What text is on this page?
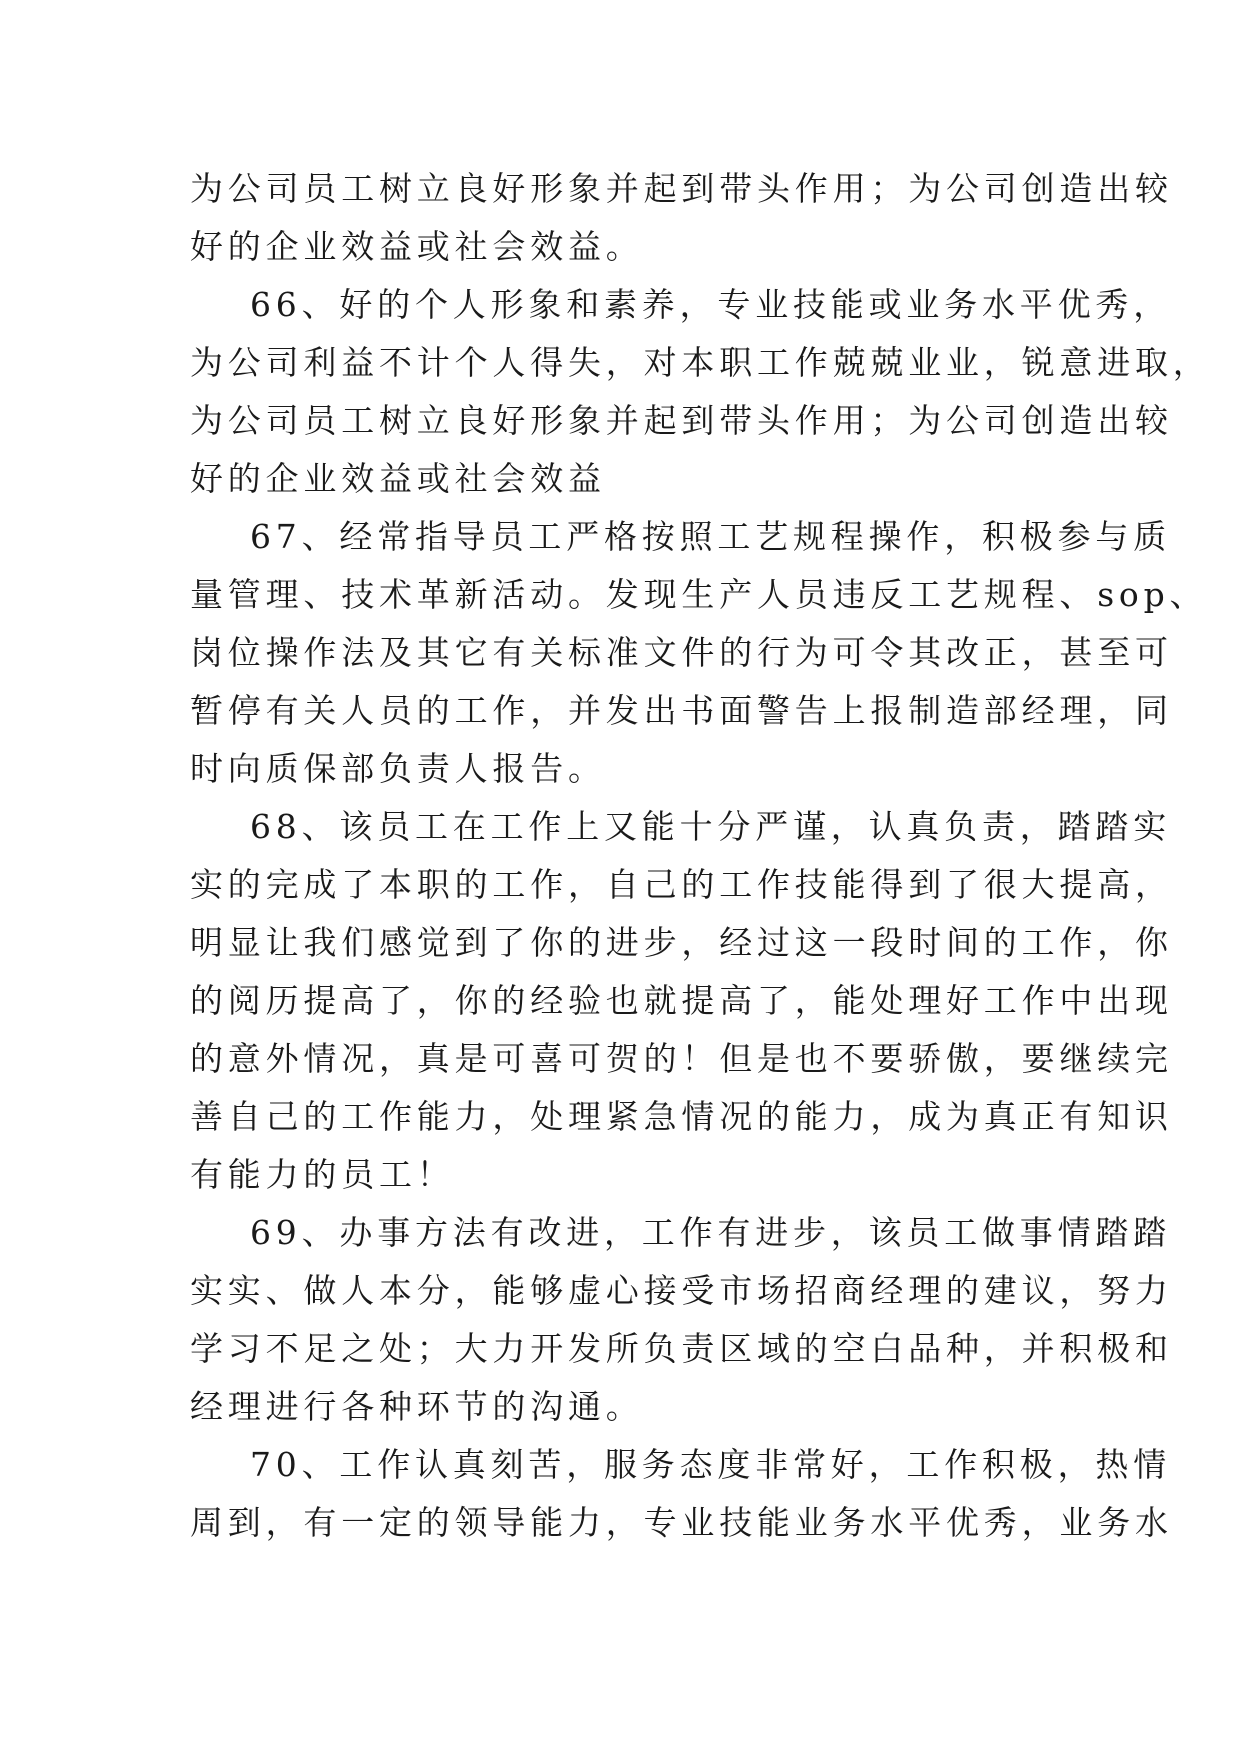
为公司员工树立良好形象并起到带头作用；为公司创造出较
好的企业效益或社会效益。
66、好的个人形象和素养，专业技能或业务水平优秀，
为公司利益不计个人得失，对本职工作兢兢业业，锐意进取，
为公司员工树立良好形象并起到带头作用；为公司创造出较
好的企业效益或社会效益
67、经常指导员工严格按照工艺规程操作，积极参与质
量管理、技术革新活动。发现生产人员违反工艺规程、sop、
岗位操作法及其它有关标准文件的行为可令其改正，甚至可
暂停有关人员的工作，并发出书面警告上报制造部经理，同
时向质保部负责人报告。
68、该员工在工作上又能十分严谨，认真负责，踏踏实
实的完成了本职的工作，自己的工作技能得到了很大提高，
明显让我们感觉到了你的进步，经过这一段时间的工作，你
的阅历提高了，你的经验也就提高了，能处理好工作中出现
的意外情况，真是可喜可贺的！但是也不要骄傲，要继续完
善自己的工作能力，处理紧急情况的能力，成为真正有知识
有能力的员工！
69、办事方法有改进，工作有进步，该员工做事情踏踏
实实、做人本分，能够虚心接受市场招商经理的建议，努力
学习不足之处；大力开发所负责区域的空白品种，并积极和
经理进行各种环节的沟通。
70、工作认真刻苦，服务态度非常好，工作积极，热情
周到，有一定的领导能力，专业技能业务水平优秀，业务水
